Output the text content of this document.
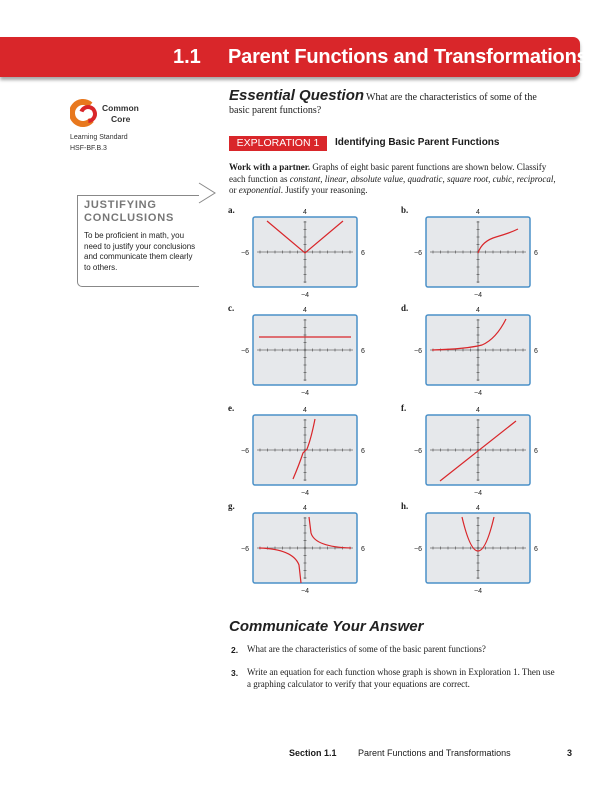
1.1 Parent Functions and Transformations
Essential Question What are the characteristics of some of the basic parent functions?
Common
Core
Learning Standard
HSF-BF.B.3	EXPLORATION 1	Identifying Basic Parent Functions
Work with a partner. Graphs of eight basic parent functions are shown below. Classify each function as constant, linear, absolute value, quadratic, square root, cubic, reciprocal, or exponential. Justify your reasoning.
JUSTIFYING CONCLUSIONS
To be proficient in math, you need to justify your conclusions and communicate them clearly to others.
a.	4
−4
−6	6
b.	4
−4
−6	6
c.	4
−4
−6	6
d.	4
−4
−6	6
e.	4
−4
−6	6
f.	4
−4
−6	6
g.	4
−4
−6	6
h.	4
−4
−6	6
Communicate Your Answer
2. What are the characteristics of some of the basic parent functions?
3. Write an equation for each function whose graph is shown in Exploration 1. Then use a graphing calculator to verify that your equations are correct.
Section 1.1 Parent Functions and Transformations	3
